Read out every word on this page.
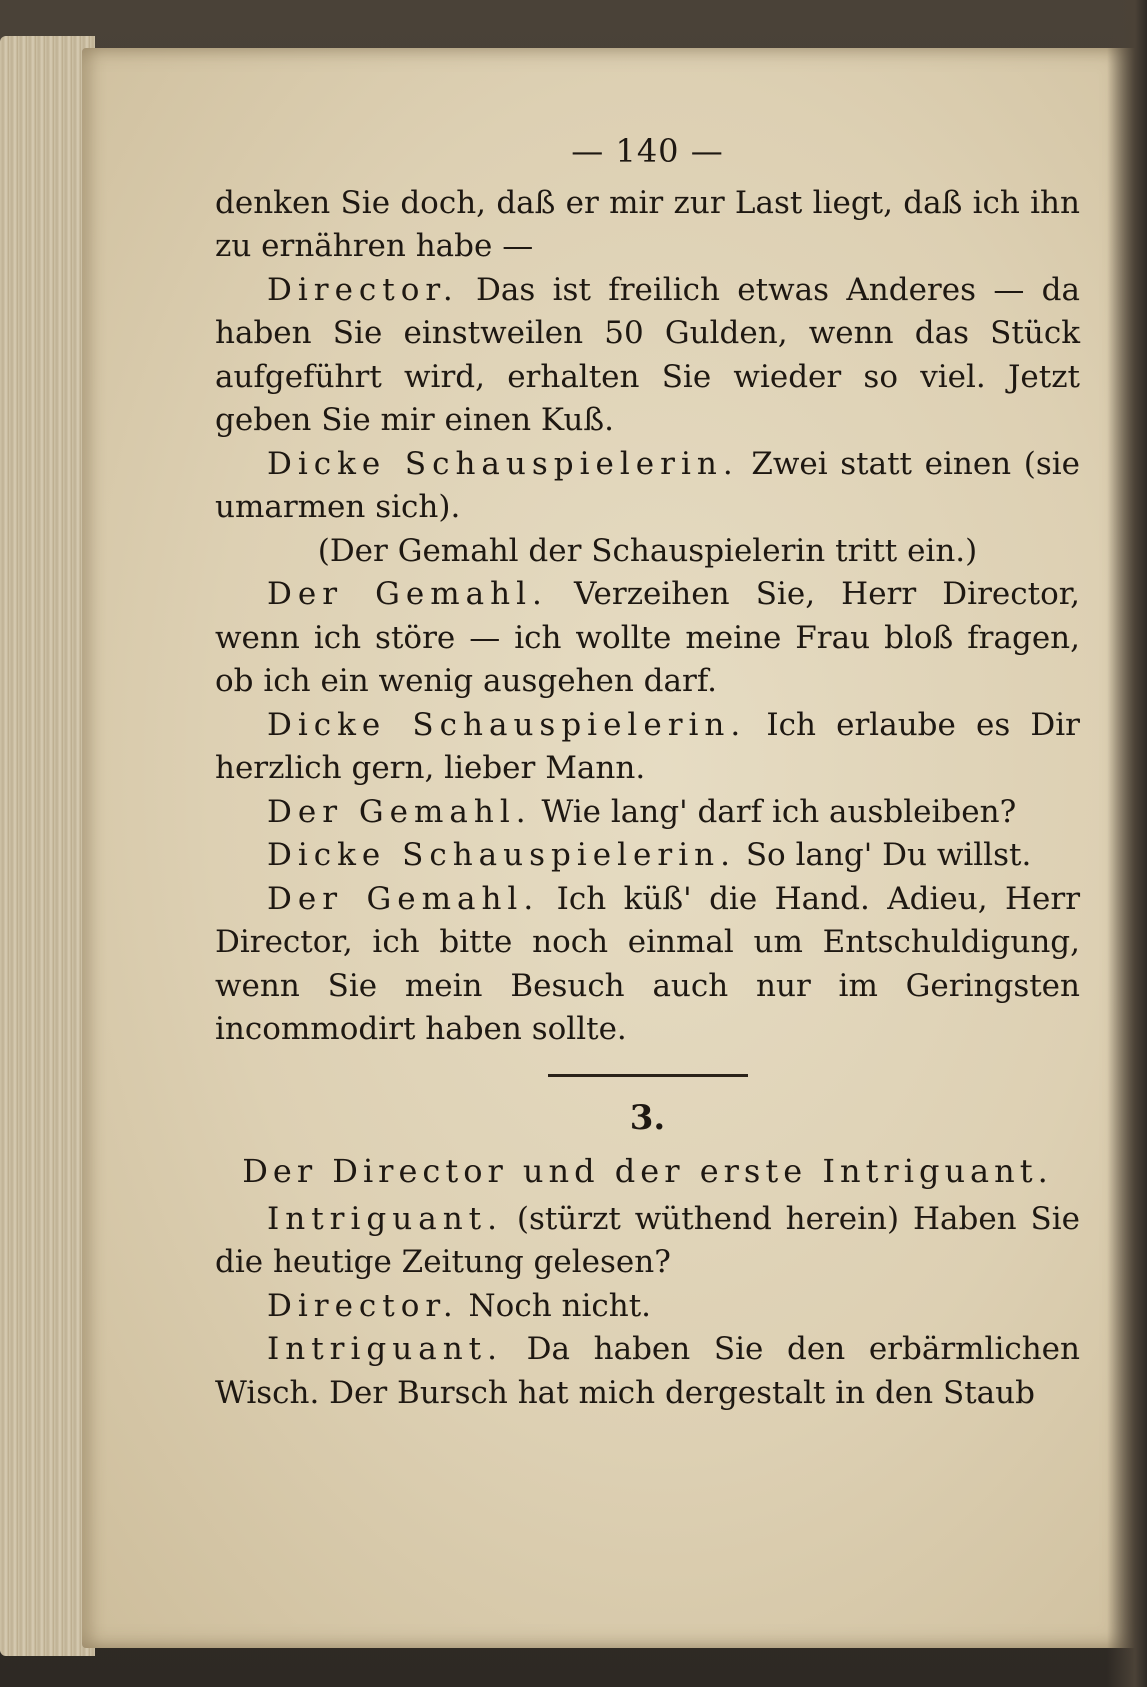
— 140 —

denken Sie doch, daß er mir zur Last liegt, daß ich ihn zu ernähren habe —

Director. Das ist freilich etwas Anderes — da haben Sie einstweilen 50 Gulden, wenn das Stück aufgeführt wird, erhalten Sie wieder so viel. Jetzt geben Sie mir einen Kuß.

Dicke Schauspielerin. Zwei statt einen (sie umarmen sich).

(Der Gemahl der Schauspielerin tritt ein.)

Der Gemahl. Verzeihen Sie, Herr Director, wenn ich störe — ich wollte meine Frau bloß fragen, ob ich ein wenig ausgehen darf.

Dicke Schauspielerin. Ich erlaube es Dir herzlich gern, lieber Mann.

Der Gemahl. Wie lang' darf ich ausbleiben?

Dicke Schauspielerin. So lang' Du willst.

Der Gemahl. Ich küß' die Hand. Adieu, Herr Director, ich bitte noch einmal um Entschuldigung, wenn Sie mein Besuch auch nur im Geringsten incommodirt haben sollte.

3.

Der Director und der erste Intriguant.

Intriguant. (stürzt wüthend herein) Haben Sie die heutige Zeitung gelesen?

Director. Noch nicht.

Intriguant. Da haben Sie den erbärmlichen Wisch. Der Bursch hat mich dergestalt in den Staub
